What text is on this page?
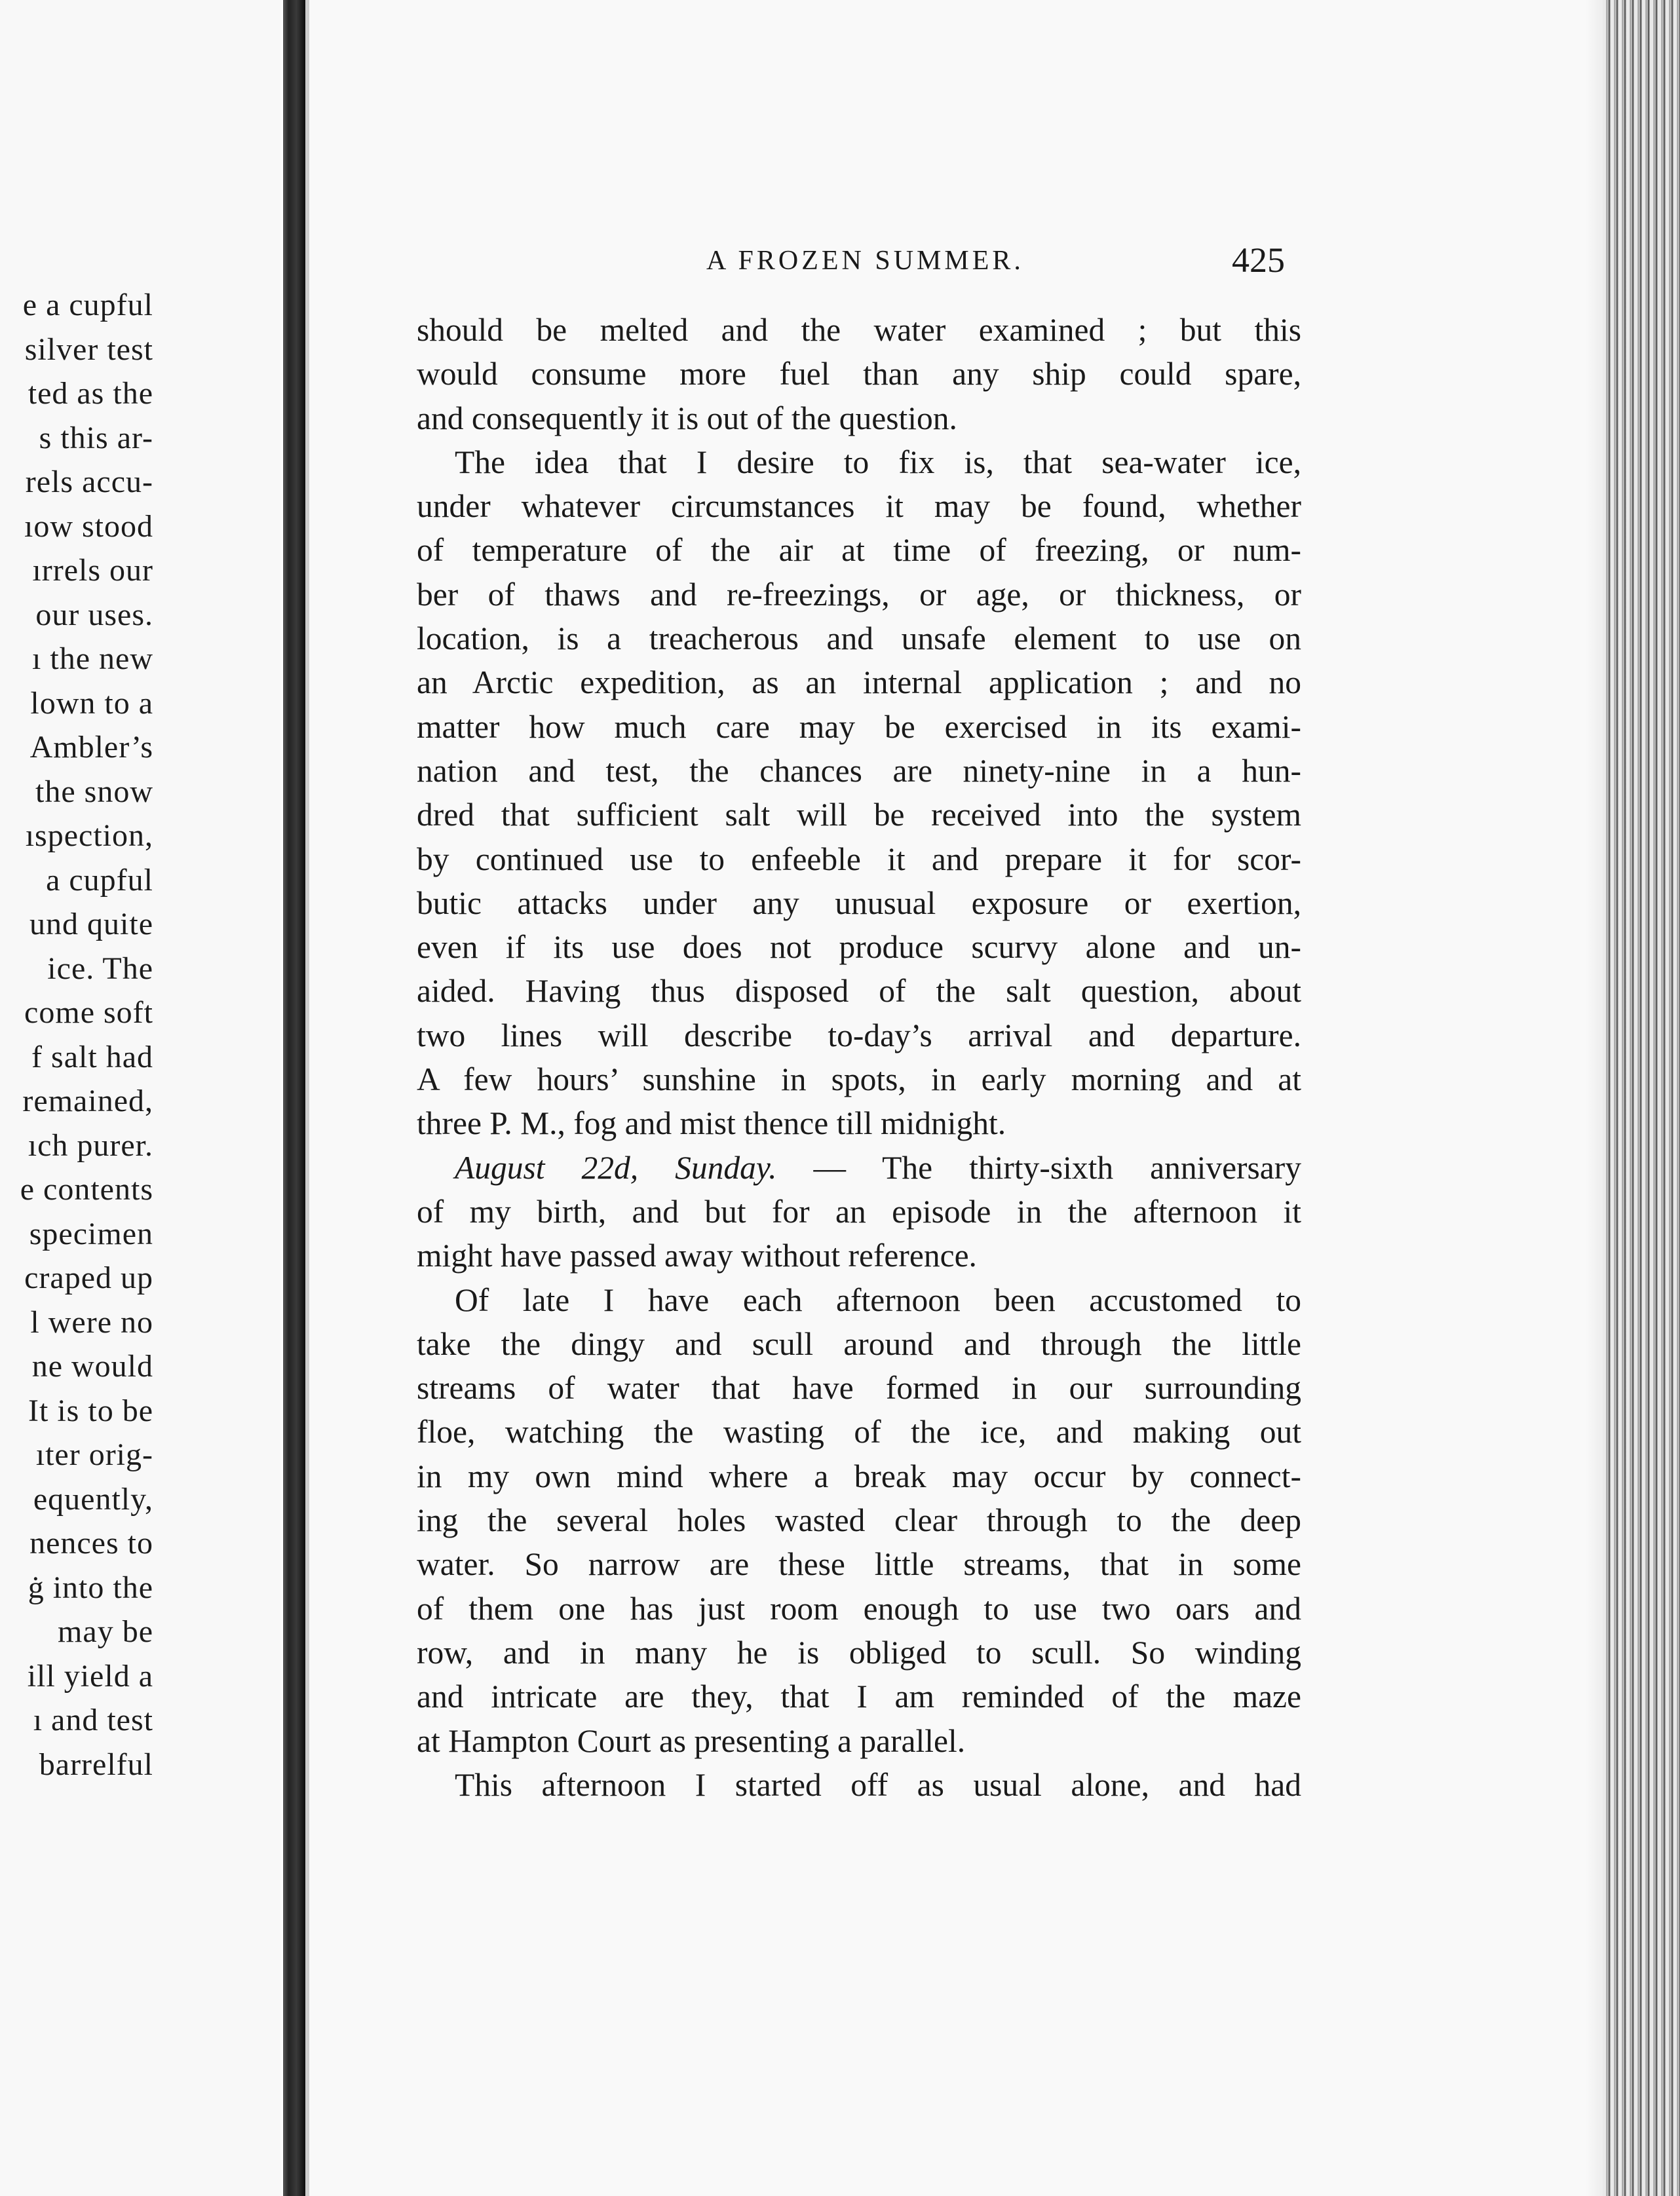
e a cupful
silver test
ted as the
s this ar-
rels accu-
ıow stood
ırrels our
our uses.
ı the new
lown to a
Ambler’s
the snow
ıspection,
a cupful
und quite
ice. The
come soft
f salt had
remained,
ıch purer.
e contents
specimen
craped up
l were no
ne would
It is to be
ıter orig-
equently,
nences to
ġ into the
may be
ill yield a
ı and test
barrelful
A FROZEN SUMMER.	425
should be melted and the water examined ; but this
would consume more fuel than any ship could spare,
and consequently it is out of the question.
The idea that I desire to fix is, that sea-water ice,
under whatever circumstances it may be found, whether
of temperature of the air at time of freezing, or num-
ber of thaws and re-freezings, or age, or thickness, or
location, is a treacherous and unsafe element to use on
an Arctic expedition, as an internal application ; and no
matter how much care may be exercised in its exami-
nation and test, the chances are ninety-nine in a hun-
dred that sufficient salt will be received into the system
by continued use to enfeeble it and prepare it for scor-
butic attacks under any unusual exposure or exertion,
even if its use does not produce scurvy alone and un-
aided. Having thus disposed of the salt question, about
two lines will describe to-day’s arrival and departure.
A few hours’ sunshine in spots, in early morning and at
three P. M., fog and mist thence till midnight.
August 22d, Sunday. — The thirty-sixth anniversary
of my birth, and but for an episode in the afternoon it
might have passed away without reference.
Of late I have each afternoon been accustomed to
take the dingy and scull around and through the little
streams of water that have formed in our surrounding
floe, watching the wasting of the ice, and making out
in my own mind where a break may occur by connect-
ing the several holes wasted clear through to the deep
water. So narrow are these little streams, that in some
of them one has just room enough to use two oars and
row, and in many he is obliged to scull. So winding
and intricate are they, that I am reminded of the maze
at Hampton Court as presenting a parallel.
This afternoon I started off as usual alone, and had
